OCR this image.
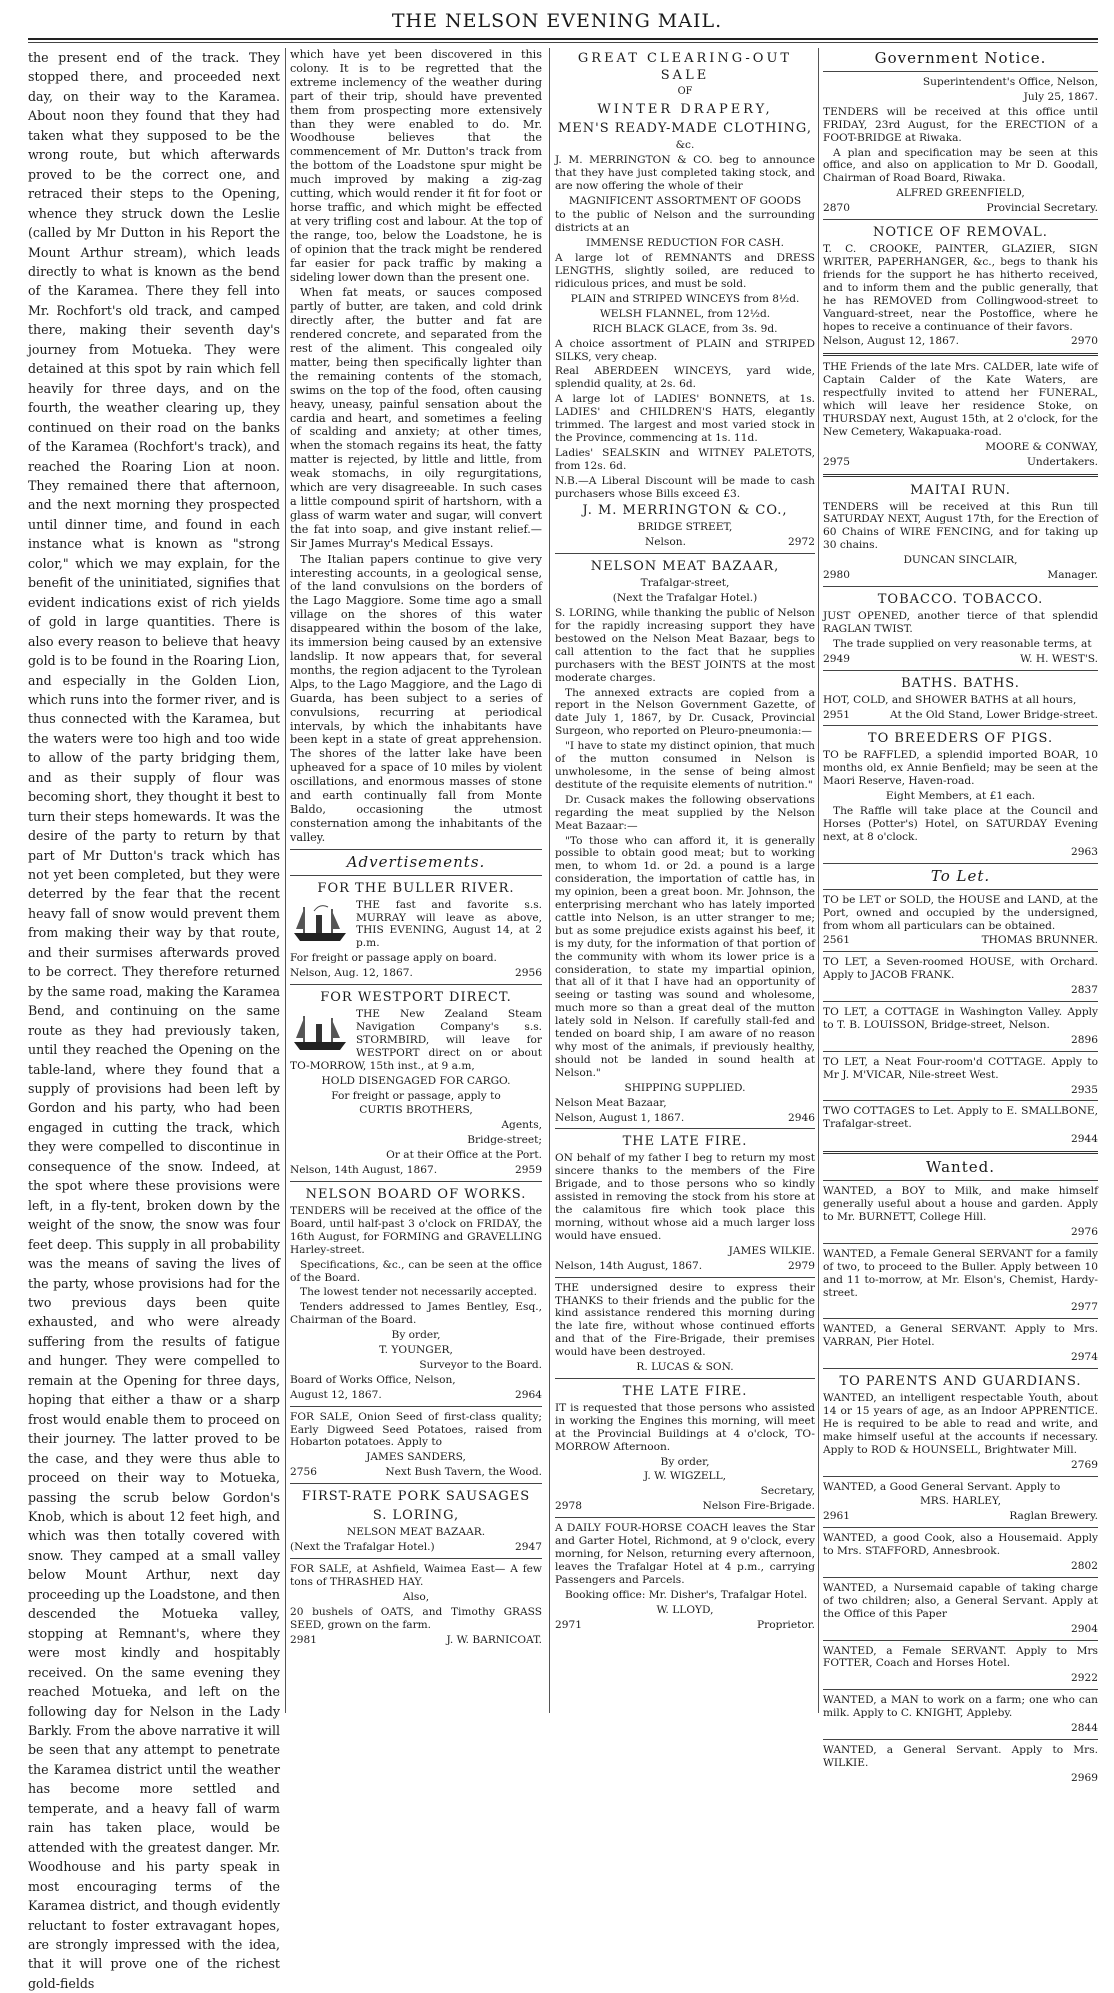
THE NELSON EVENING MAIL.

the present end of the track. They stopped there, and proceeded next day, on their way to the Karamea. About noon they found that they had taken what they supposed to be the wrong route, but which afterwards proved to be the correct one, and retraced their steps to the Opening, whence they struck down the Leslie (called by Mr Dutton in his Report the Mount Arthur stream), which leads directly to what is known as the bend of the Karamea. There they fell into Mr. Rochfort's old track, and camped there, making their seventh day's journey from Motueka. They were detained at this spot by rain which fell heavily for three days, and on the fourth, the weather clearing up, they continued on their road on the banks of the Karamea (Rochfort's track), and reached the Roaring Lion at noon. They remained there that afternoon, and the next morning they prospected until dinner time, and found in each instance what is known as "strong color," which we may explain, for the benefit of the uninitiated, signifies that evident indications exist of rich yields of gold in large quantities. There is also every reason to believe that heavy gold is to be found in the Roaring Lion, and especially in the Golden Lion, which runs into the former river, and is thus connected with the Karamea, but the waters were too high and too wide to allow of the party bridging them, and as their supply of flour was becoming short, they thought it best to turn their steps homewards. It was the desire of the party to return by that part of Mr Dutton's track which has not yet been completed, but they were deterred by the fear that the recent heavy fall of snow would prevent them from making their way by that route, and their surmises afterwards proved to be correct. They therefore returned by the same road, making the Karamea Bend, and continuing on the same route as they had previously taken, until they reached the Opening on the table-land, where they found that a supply of provisions had been left by Gordon and his party, who had been engaged in cutting the track, which they were compelled to discontinue in consequence of the snow. Indeed, at the spot where these provisions were left, in a fly-tent, broken down by the weight of the snow, the snow was four feet deep. This supply in all probability was the means of saving the lives of the party, whose provisions had for the two previous days been quite exhausted, and who were already suffering from the results of fatigue and hunger. They were compelled to remain at the Opening for three days, hoping that either a thaw or a sharp frost would enable them to proceed on their journey. The latter proved to be the case, and they were thus able to proceed on their way to Motueka, passing the scrub below Gordon's Knob, which is about 12 feet high, and which was then totally covered with snow. They camped at a small valley below Mount Arthur, next day proceeding up the Loadstone, and then descended the Motueka valley, stopping at Remnant's, where they were most kindly and hospitably received. On the same evening they reached Motueka, and left on the following day for Nelson in the Lady Barkly. From the above narrative it will be seen that any attempt to penetrate the Karamea district until the weather has become more settled and temperate, and a heavy fall of warm rain has taken place, would be attended with the greatest danger. Mr. Woodhouse and his party speak in most encouraging terms of the Karamea district, and though evidently reluctant to foster extravagant hopes, are strongly impressed with the idea, that it will prove one of the richest gold-fields

which have yet been discovered in this colony. It is to be regretted that the extreme inclemency of the weather during part of their trip, should have prevented them from prospecting more extensively than they were enabled to do. Mr. Woodhouse believes that the commencement of Mr. Dutton's track from the bottom of the Loadstone spur might be much improved by making a zig-zag cutting, which would render it fit for foot or horse traffic, and which might be effected at very trifling cost and labour. At the top of the range, too, below the Loadstone, he is of opinion that the track might be rendered far easier for pack traffic by making a sideling lower down than the present one.

When fat meats, or sauces composed partly of butter, are taken, and cold drink directly after, the butter and fat are rendered concrete, and separated from the rest of the aliment. This congealed oily matter, being then specifically lighter than the remaining contents of the stomach, swims on the top of the food, often causing heavy, uneasy, painful sensation about the cardia and heart, and sometimes a feeling of scalding and anxiety; at other times, when the stomach regains its heat, the fatty matter is rejected, by little and little, from weak stomachs, in oily regurgitations, which are very disagreeable. In such cases a little compound spirit of hartshorn, with a glass of warm water and sugar, will convert the fat into soap, and give instant relief.—Sir James Murray's Medical Essays.

The Italian papers continue to give very interesting accounts, in a geological sense, of the land convulsions on the borders of the Lago Maggiore. Some time ago a small village on the shores of this water disappeared within the bosom of the lake, its immersion being caused by an extensive landslip. It now appears that, for several months, the region adjacent to the Tyrolean Alps, to the Lago Maggiore, and the Lago di Guarda, has been subject to a series of convulsions, recurring at periodical intervals, by which the inhabitants have been kept in a state of great apprehension. The shores of the latter lake have been upheaved for a space of 10 miles by violent oscillations, and enormous masses of stone and earth continually fall from Monte Baldo, occasioning the utmost consternation among the inhabitants of the valley.

Advertisements.
FOR THE BULLER RIVER.

THE fast and favorite s.s. MURRAY will leave as above, THIS EVENING, August 14, at 2 p.m.

For freight or passage apply on board.

Nelson, Aug. 12, 1867.	2956
FOR WESTPORT DIRECT.

THE New Zealand Steam Navigation Company's s.s. STORMBIRD, will leave for WESTPORT direct on or about TO-MORROW, 15th inst., at 9 a.m,

HOLD DISENGAGED FOR CARGO.

For freight or passage, apply to

CURTIS BROTHERS,

Agents,

Bridge-street;

Or at their Office at the Port.

Nelson, 14th August, 1867.	2959
NELSON BOARD OF WORKS.

TENDERS will be received at the office of the Board, until half-past 3 o'clock on FRIDAY, the 16th August, for FORMING and GRAVELLING Harley-street.

Specifications, &c., can be seen at the office of the Board.

The lowest tender not necessarily accepted.

Tenders addressed to James Bentley, Esq., Chairman of the Board.

By order,

T. YOUNGER,

Surveyor to the Board.

Board of Works Office, Nelson,

August 12, 1867.	2964

FOR SALE, Onion Seed of first-class quality; Early Digweed Seed Potatoes, raised from Hobarton potatoes. Apply to

JAMES SANDERS,

2756	Next Bush Tavern, the Wood.
FIRST-RATE PORK SAUSAGES
S. LORING,

NELSON MEAT BAZAAR.

(Next the Trafalgar Hotel.)	2947

FOR SALE, at Ashfield, Waimea East— A few tons of THRASHED HAY.

Also,

20 bushels of OATS, and Timothy GRASS SEED, grown on the farm.

2981	J. W. BARNICOAT.
GREAT CLEARING-OUT SALE

OF

WINTER DRAPERY,
MEN'S READY-MADE CLOTHING,

&c.

J. M. MERRINGTON & CO. beg to announce that they have just completed taking stock, and are now offering the whole of their

MAGNIFICENT ASSORTMENT OF GOODS

to the public of Nelson and the surrounding districts at an

IMMENSE REDUCTION FOR CASH.

A large lot of REMNANTS and DRESS LENGTHS, slightly soiled, are reduced to ridiculous prices, and must be sold.

PLAIN and STRIPED WINCEYS from 8½d.

WELSH FLANNEL, from 12½d.

RICH BLACK GLACE, from 3s. 9d.

A choice assortment of PLAIN and STRIPED SILKS, very cheap.

Real ABERDEEN WINCEYS, yard wide, splendid quality, at 2s. 6d.

A large lot of LADIES' BONNETS, at 1s. LADIES' and CHILDREN'S HATS, elegantly trimmed. The largest and most varied stock in the Province, commencing at 1s. 11d.

Ladies' SEALSKIN and WITNEY PALETOTS, from 12s. 6d.

N.B.—A Liberal Discount will be made to cash purchasers whose Bills exceed £3.

J. M. MERRINGTON & CO.,

BRIDGE STREET,

Nelson.	2972
NELSON MEAT BAZAAR,

Trafalgar-street,

(Next the Trafalgar Hotel.)

S. LORING, while thanking the public of Nelson for the rapidly increasing support they have bestowed on the Nelson Meat Bazaar, begs to call attention to the fact that he supplies purchasers with the BEST JOINTS at the most moderate charges.

The annexed extracts are copied from a report in the Nelson Government Gazette, of date July 1, 1867, by Dr. Cusack, Provincial Surgeon, who reported on Pleuro-pneumonia:—

"I have to state my distinct opinion, that much of the mutton consumed in Nelson is unwholesome, in the sense of being almost destitute of the requisite elements of nutrition."

Dr. Cusack makes the following observations regarding the meat supplied by the Nelson Meat Bazaar:—

"To those who can afford it, it is generally possible to obtain good meat; but to working men, to whom 1d. or 2d. a pound is a large consideration, the importation of cattle has, in my opinion, been a great boon. Mr. Johnson, the enterprising merchant who has lately imported cattle into Nelson, is an utter stranger to me; but as some prejudice exists against his beef, it is my duty, for the information of that portion of the community with whom its lower price is a consideration, to state my impartial opinion, that all of it that I have had an opportunity of seeing or tasting was sound and wholesome, much more so than a great deal of the mutton lately sold in Nelson. If carefully stall-fed and tended on board ship, I am aware of no reason why most of the animals, if previously healthy, should not be landed in sound health at Nelson."

SHIPPING SUPPLIED.

Nelson Meat Bazaar,

Nelson, August 1, 1867.	2946
THE LATE FIRE.

ON behalf of my father I beg to return my most sincere thanks to the members of the Fire Brigade, and to those persons who so kindly assisted in removing the stock from his store at the calamitous fire which took place this morning, without whose aid a much larger loss would have ensued.

JAMES WILKIE.

Nelson, 14th August, 1867.	2979

THE undersigned desire to express their THANKS to their friends and the public for the kind assistance rendered this morning during the late fire, without whose continued efforts and that of the Fire-Brigade, their premises would have been destroyed.

R. LUCAS & SON.

THE LATE FIRE.

IT is requested that those persons who assisted in working the Engines this morning, will meet at the Provincial Buildings at 4 o'clock, TO-MORROW Afternoon.

By order,

J. W. WIGZELL,

Secretary,

2978	Nelson Fire-Brigade.

A DAILY FOUR-HORSE COACH leaves the Star and Garter Hotel, Richmond, at 9 o'clock, every morning, for Nelson, returning every afternoon, leaves the Trafalgar Hotel at 4 p.m., carrying Passengers and Parcels.

Booking office: Mr. Disher's, Trafalgar Hotel.

W. LLOYD,

2971	Proprietor.
Government Notice.

Superintendent's Office, Nelson,

July 25, 1867.

TENDERS will be received at this office until FRIDAY, 23rd August, for the ERECTION of a FOOT-BRIDGE at Riwaka.

A plan and specification may be seen at this office, and also on application to Mr D. Goodall, Chairman of Road Board, Riwaka.

ALFRED GREENFIELD,

2870	Provincial Secretary.
NOTICE OF REMOVAL.

T. C. CROOKE, PAINTER, GLAZIER, SIGN WRITER, PAPERHANGER, &c., begs to thank his friends for the support he has hitherto received, and to inform them and the public generally, that he has REMOVED from Collingwood-street to Vanguard-street, near the Postoffice, where he hopes to receive a continuance of their favors.

Nelson, August 12, 1867.	2970

THE Friends of the late Mrs. CALDER, late wife of Captain Calder of the Kate Waters, are respectfully invited to attend her FUNERAL, which will leave her residence Stoke, on THURSDAY next, August 15th, at 2 o'clock, for the New Cemetery, Wakapuaka-road.

MOORE & CONWAY,

2975	Undertakers.
MAITAI RUN.

TENDERS will be received at this Run till SATURDAY NEXT, August 17th, for the Erection of 60 Chains of WIRE FENCING, and for taking up 30 chains.

DUNCAN SINCLAIR,

2980	Manager.
TOBACCO. TOBACCO.

JUST OPENED, another tierce of that splendid RAGLAN TWIST.

The trade supplied on very reasonable terms, at

2949	W. H. WEST'S.
BATHS. BATHS.

HOT, COLD, and SHOWER BATHS at all hours,

2951	At the Old Stand, Lower Bridge-street.
TO BREEDERS OF PIGS.

TO be RAFFLED, a splendid imported BOAR, 10 months old, ex Annie Benfield; may be seen at the Maori Reserve, Haven-road.

Eight Members, at £1 each.

The Raffle will take place at the Council and Horses (Potter's) Hotel, on SATURDAY Evening next, at 8 o'clock.

2963

To Let.

TO be LET or SOLD, the HOUSE and LAND, at the Port, owned and occupied by the undersigned, from whom all particulars can be obtained.

2561	THOMAS BRUNNER.

TO LET, a Seven-roomed HOUSE, with Orchard. Apply to JACOB FRANK.

2837

TO LET, a COTTAGE in Washington Valley. Apply to T. B. LOUISSON, Bridge-street, Nelson.

2896

TO LET, a Neat Four-room'd COTTAGE. Apply to Mr J. M'VICAR, Nile-street West.

2935

TWO COTTAGES to Let. Apply to E. SMALLBONE, Trafalgar-street.

2944

Wanted.

WANTED, a BOY to Milk, and make himself generally useful about a house and garden. Apply to Mr. BURNETT, College Hill.

2976

WANTED, a Female General SERVANT for a family of two, to proceed to the Buller. Apply between 10 and 11 to-morrow, at Mr. Elson's, Chemist, Hardy-street.

2977

WANTED, a General SERVANT. Apply to Mrs. VARRAN, Pier Hotel.

2974

TO PARENTS AND GUARDIANS.

WANTED, an intelligent respectable Youth, about 14 or 15 years of age, as an Indoor APPRENTICE. He is required to be able to read and write, and make himself useful at the accounts if necessary. Apply to ROD & HOUNSELL, Brightwater Mill.

2769

WANTED, a Good General Servant. Apply to

MRS. HARLEY,

2961	Raglan Brewery.

WANTED, a good Cook, also a Housemaid. Apply to Mrs. STAFFORD, Annesbrook.

2802

WANTED, a Nursemaid capable of taking charge of two children; also, a General Servant. Apply at the Office of this Paper

2904

WANTED, a Female SERVANT. Apply to Mrs FOTTER, Coach and Horses Hotel.

2922

WANTED, a MAN to work on a farm; one who can milk. Apply to C. KNIGHT, Appleby.

2844

WANTED, a General Servant. Apply to Mrs. WILKIE.

2969
